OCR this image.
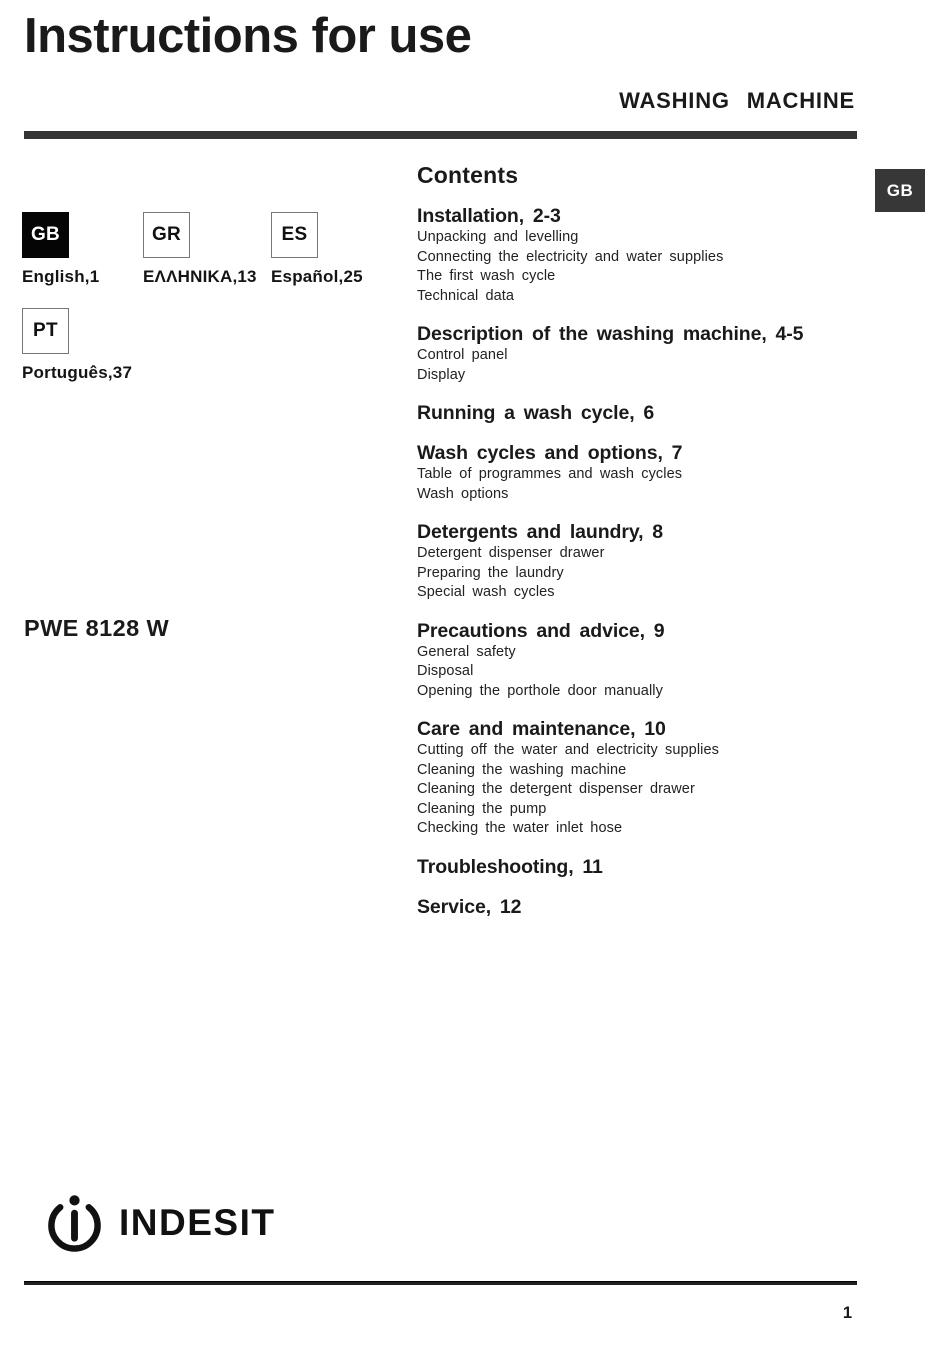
Instructions for use
WASHING MACHINE
GB
GB
English,1
GR
ΕΛΛΗΝΙΚΑ,13
ES
Español,25
PT
Português,37
PWE 8128 W
Contents
Installation, 2-3
Unpacking and levelling
Connecting the electricity and water supplies
The first wash cycle
Technical data
Description of the washing machine, 4-5
Control panel
Display
Running a wash cycle, 6
Wash cycles and options, 7
Table of programmes and wash cycles
Wash options
Detergents and laundry, 8
Detergent dispenser drawer
Preparing the laundry
Special wash cycles
Precautions and advice, 9
General safety
Disposal
Opening the porthole door manually
Care and maintenance, 10
Cutting off the water and electricity supplies
Cleaning the washing machine
Cleaning the detergent dispenser drawer
Cleaning the pump
Checking the water inlet hose
Troubleshooting, 11
Service, 12
INDESIT
1
